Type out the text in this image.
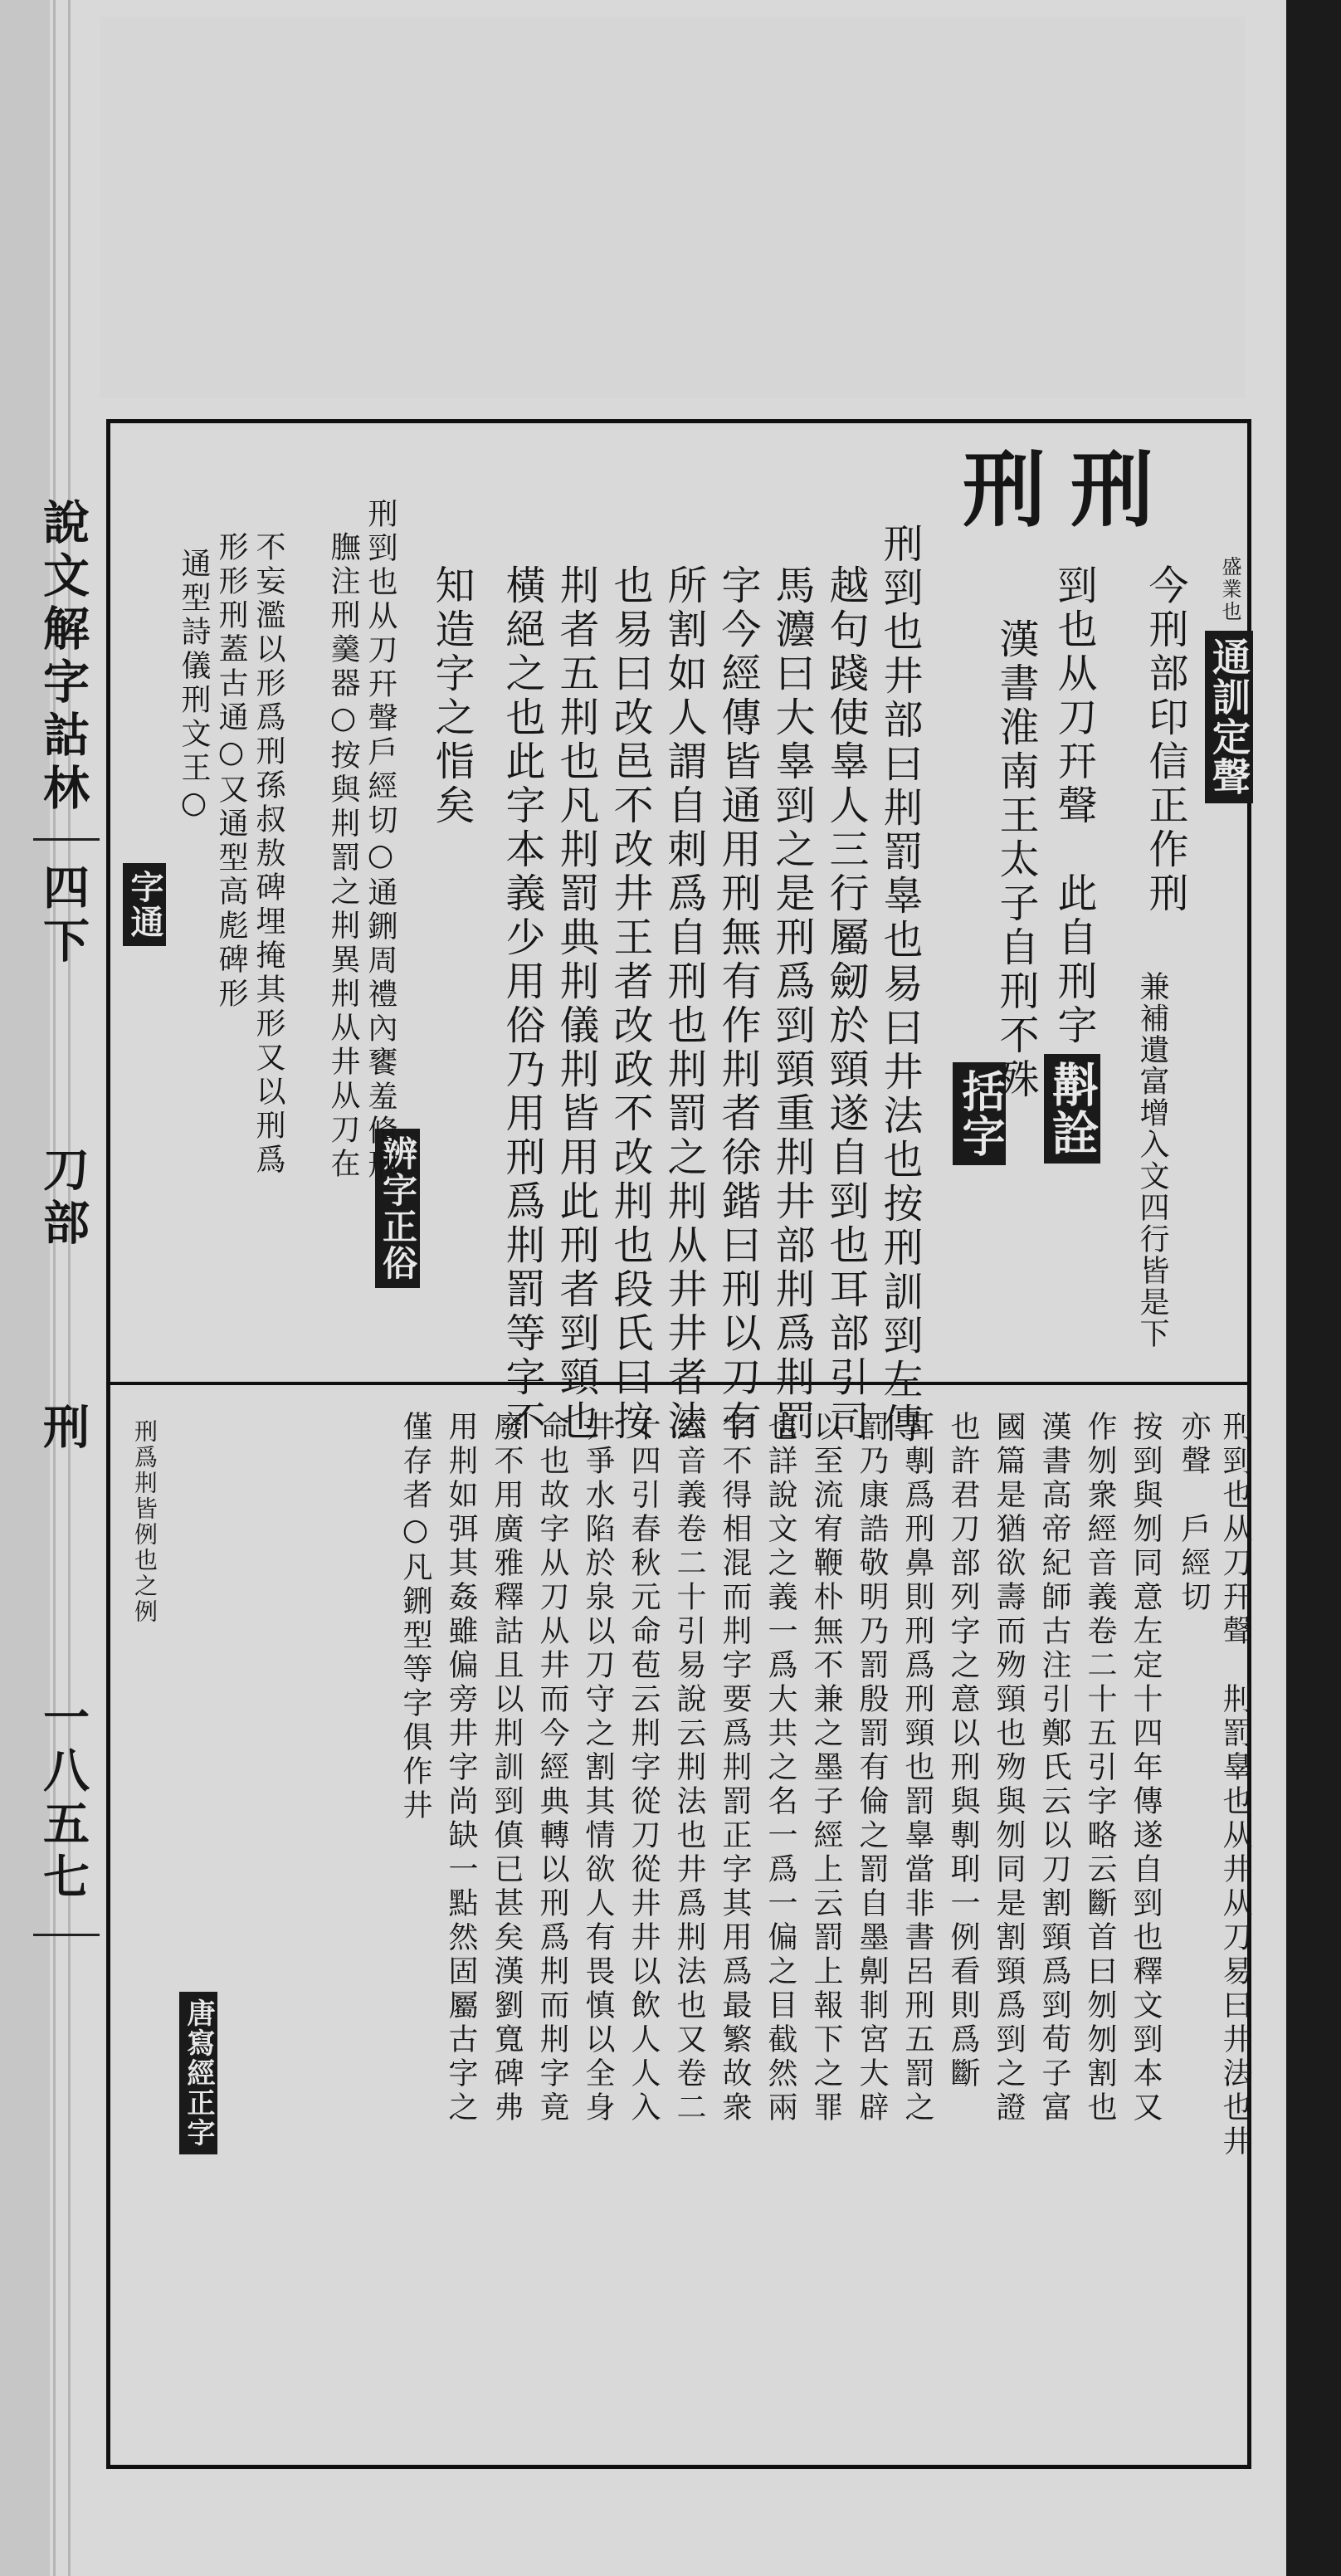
說文解字詁林
四下
刀部
刑
一八五七
盛業也
刑 刑
通訓定聲
斠詮
括字
辨字正俗
字通
唐寫經正字
兼補遺富增入文四行皆是下
今刑部印信正作刑
剄也从刀幵聲　此自刑字
漢書淮南王太子自刑不殊
刑剄也井部曰㓝罰辠也易曰井法也按刑訓剄左傳
越句踐使辠人三行屬劒於頸遂自剄也耳部引司
馬灋曰大辠剄之是刑爲剄頸重㓝井部㓝爲㓝罰
字今經傳皆通用刑無有作㓝者徐鍇曰刑以刀有
所割如人謂自刺爲自刑也㓝罰之㓝从井井者法
也易曰改邑不改井王者改政不改㓝也段氏曰按
㓝者五㓝也凡㓝罰典㓝儀㓝皆用此刑者剄頸也
橫絕之也此字本義少用俗乃用刑爲㓝罰等字不
知造字之恉矣
刑剄也从刀幵聲戶經切○通鉶周禮內饔羞脩刑
膴注刑羹器○按與㓝罰之㓝異㓝从井从刀在
不妄濫以形爲刑孫叔敖碑埋掩其形又以刑爲
形形刑蓋古通○又通型高彪碑形
通型詩儀刑文王○
刑剄也从刀幵聲　㓝罰辠也从井从刀易曰井法也井
亦聲　戶經切
按剄與刎同意左定十四年傳遂自剄也釋文剄本又
作刎衆經音義卷二十五引字略云斷首曰刎刎割也
漢書高帝紀師古注引鄭氏云以刀割頸爲剄荀子富
國篇是猶欲壽而歾頸也歾與刎同是割頸爲剄之證
也許君刀部列字之意以刑與剸刵一例看則爲斷
耳剸爲刑鼻則刑爲刑頸也罰辠當非書呂刑五罰之
罰乃康誥敬明乃罰殷罰有倫之罰自墨劓剕宮大辟
以至流宥鞭朴無不兼之墨子經上云罰上報下之罪
也詳說文之義一爲大共之名一爲一偏之目截然兩
字不得相混而㓝字要爲㓝罰正字其用爲最繁故衆
經音義卷二十引易說云㓝法也井爲㓝法也又卷二
十四引春秋元命苞云㓝字從刀從井井以飲人人入
井爭水陷於泉以刀守之割其情欲人有畏慎以全身
命也故字从刀从井而今經典轉以刑爲㓝而㓝字竟
廢不用廣雅釋詁且以㓝訓剄傎已甚矣漢劉寬碑弗
用㓝如弭其姦雖偏旁井字尚缺一點然固屬古字之
僅存者○凡鉶型等字俱作井
刑爲㓝皆例也之例
